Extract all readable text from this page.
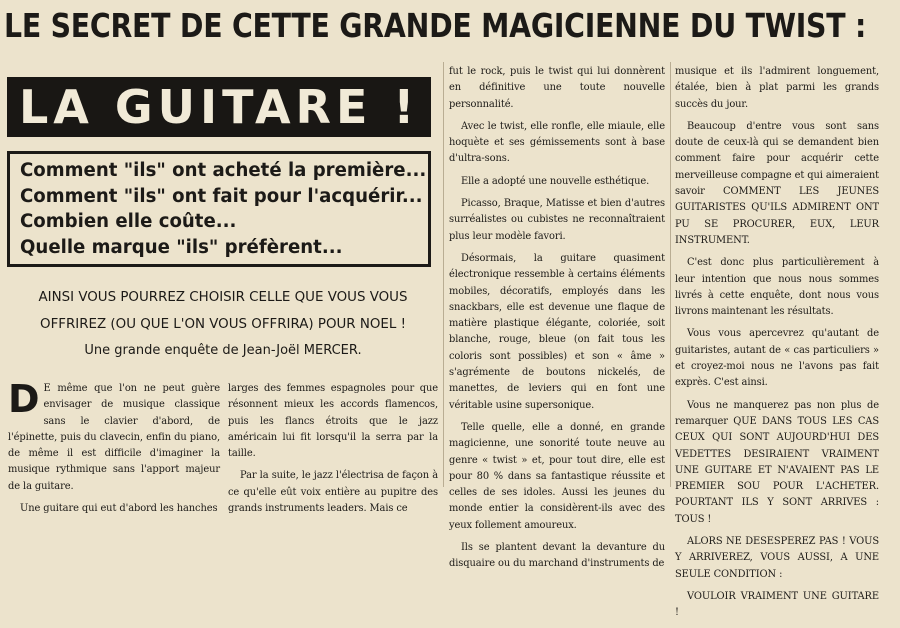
LE SECRET DE CETTE GRANDE MAGICIENNE DU TWIST :
LA GUITARE !
Comment "ils" ont acheté la première...
Comment "ils" ont fait pour l'acquérir...
Combien elle coûte...
Quelle marque "ils" préfèrent...
AINSI VOUS POURREZ CHOISIR CELLE QUE VOUS VOUS
OFFRIREZ (OU QUE L'ON VOUS OFFRIRA) POUR NOEL !
Une grande enquête de Jean-Joël MERCER.

D E même que l'on ne peut guère envisager de musique classique sans le clavier d'abord, de l'épinette, puis du clavecin, enfin du piano, de même il est difficile d'imaginer la musique rythmique sans l'apport majeur de la guitare.

Une guitare qui eut d'abord les hanches

larges des femmes espagnoles pour que résonnent mieux les accords flamencos, puis les flancs étroits que le jazz américain lui fit lorsqu'il la serra par la taille.

Par la suite, le jazz l'électrisa de façon à ce qu'elle eût voix entière au pupitre des grands instruments leaders. Mais ce

fut le rock, puis le twist qui lui donnèrent en définitive une toute nouvelle personnalité.

Avec le twist, elle ronfle, elle miaule, elle hoquète et ses gémissements sont à base d'ultra-sons.

Elle a adopté une nouvelle esthétique.

Picasso, Braque, Matisse et bien d'autres surréalistes ou cubistes ne reconnaîtraient plus leur modèle favori.

Désormais, la guitare quasiment électronique ressemble à certains éléments mobiles, décoratifs, employés dans les snackbars, elle est devenue une flaque de matière plastique élégante, coloriée, soit blanche, rouge, bleue (on fait tous les coloris sont possibles) et son « âme » s'agrémente de boutons nickelés, de manettes, de leviers qui en font une véritable usine supersonique.

Telle quelle, elle a donné, en grande magicienne, une sonorité toute neuve au genre « twist » et, pour tout dire, elle est pour 80 % dans sa fantastique réussite et celles de ses idoles. Aussi les jeunes du monde entier la considèrent-ils avec des yeux follement amoureux.

Ils se plantent devant la devanture du disquaire ou du marchand d'instruments de

musique et ils l'admirent longuement, étalée, bien à plat parmi les grands succès du jour.

Beaucoup d'entre vous sont sans doute de ceux-là qui se demandent bien comment faire pour acquérir cette merveilleuse compagne et qui aimeraient savoir COMMENT LES JEUNES GUITARISTES QU'ILS ADMIRENT ONT PU SE PROCURER, EUX, LEUR INSTRUMENT.

C'est donc plus particulièrement à leur intention que nous nous sommes livrés à cette enquête, dont nous vous livrons maintenant les résultats.

Vous vous apercevrez qu'autant de guitaristes, autant de « cas particuliers » et croyez-moi nous ne l'avons pas fait exprès. C'est ainsi.

Vous ne manquerez pas non plus de remarquer QUE DANS TOUS LES CAS CEUX QUI SONT AUJOURD'HUI DES VEDETTES DESIRAIENT VRAIMENT UNE GUITARE ET N'AVAIENT PAS LE PREMIER SOU POUR L'ACHETER. POURTANT ILS Y SONT ARRIVES : TOUS !

ALORS NE DESESPEREZ PAS ! VOUS Y ARRIVEREZ, VOUS AUSSI, A UNE SEULE CONDITION :

VOULOIR VRAIMENT UNE GUITARE !
